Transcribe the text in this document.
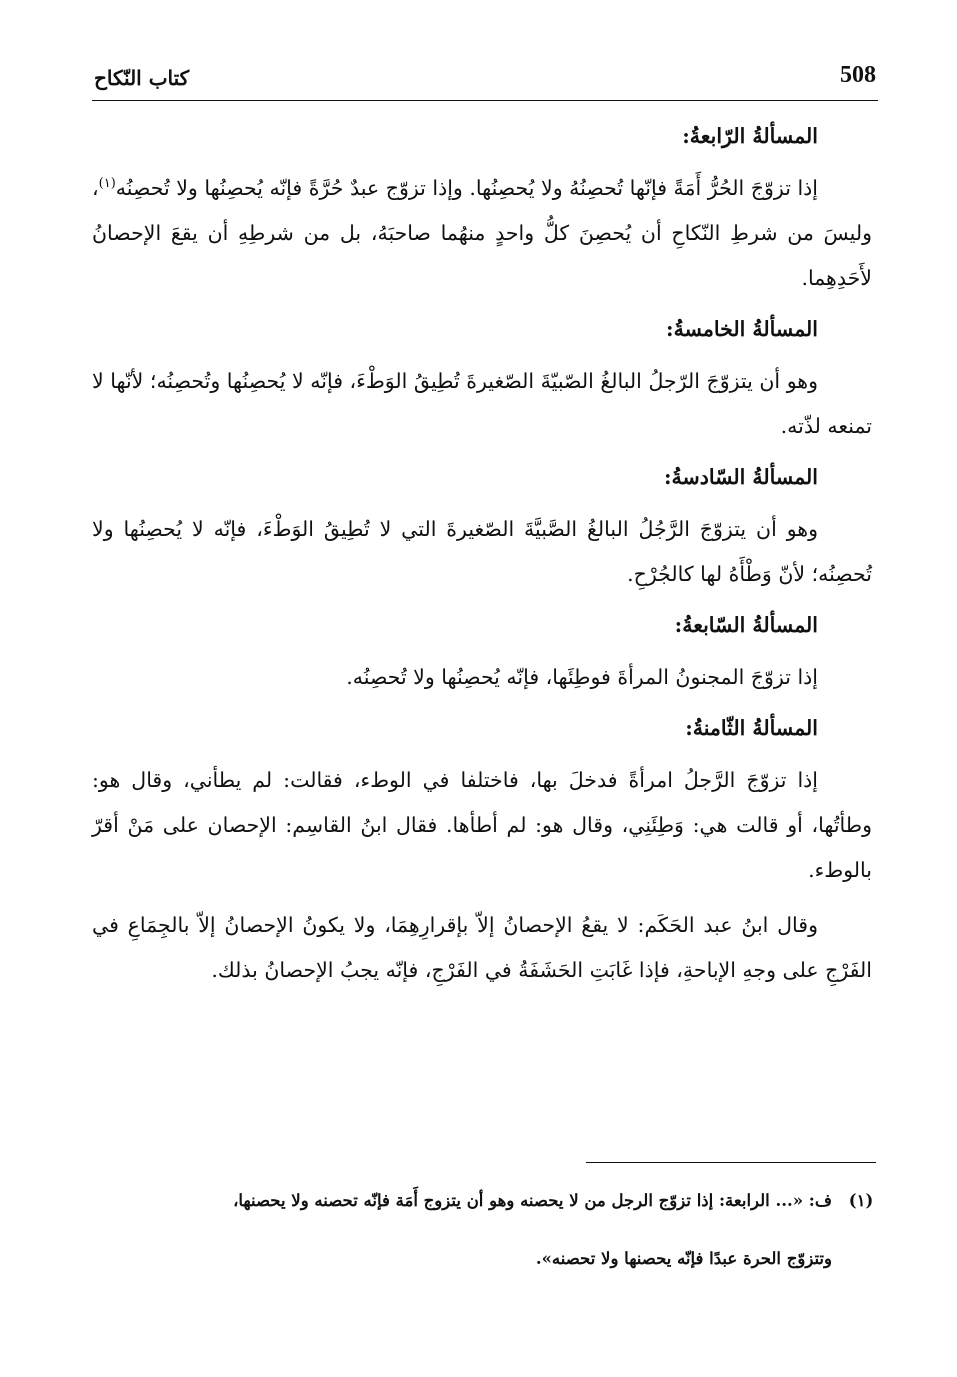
508
كتاب النّكاح
المسألةُ الرّابعةُ:

إذا تزوّجَ الحُرُّ أَمَةً فإنّها تُحصِنُهُ ولا يُحصِنُها. وإذا تزوّج عبدٌ حُرَّةً فإنّه يُحصِنُها ولا تُحصِنُه$^{(١)}$، وليسَ من شرطِ النّكاحِ أن يُحصِنَ كلُّ واحدٍ منهُما صاحبَهُ، بل من شرطِهِ أن يقعَ الإحصانُ لأَحَدِهِما.

المسألةُ الخامسةُ:

وهو أن يتزوّجَ الرّجلُ البالغُ الصّبيّةَ الصّغيرةَ تُطِيقُ الوَطْءَ، فإنّه لا يُحصِنُها وتُحصِنُه؛ لأنّها لا تمنعه لذّته.

المسألةُ السّادسةُ:

وهو أن يتزوّجَ الرَّجُلُ البالغُ الصَّبيَّةَ الصّغيرةَ التي لا تُطِيقُ الوَطْءَ، فإنّه لا يُحصِنُها ولا تُحصِنُه؛ لأنّ وَطْأَهُ لها كالجُرْحِ.

المسألةُ السّابعةُ:

إذا تزوّجَ المجنونُ المرأةَ فوطِئَها، فإنّه يُحصِنُها ولا تُحصِنُه.

المسألةُ الثّامنةُ:

إذا تزوّجَ الرَّجلُ امرأةً فدخلَ بها، فاختلفا في الوطء، فقالت: لم يطأني، وقال هو: وطأتُها، أو قالت هي: وَطِئَنِي، وقال هو: لم أطأها. فقال ابنُ القاسِم: الإحصان على مَنْ أقرّ بالوطء.

وقال ابنُ عبد الحَكَم: لا يقعُ الإحصانُ إلاّ بإقرارِهِمَا، ولا يكونُ الإحصانُ إلاّ بالجِمَاعِ في الفَرْجِ على وجهِ الإباحةِ، فإذا غَابَتِ الحَشَفَةُ في الفَرْجِ، فإنّه يجبُ الإحصانُ بذلك.

(١)ف: «... الرابعة: إذا تزوّج الرجل من لا يحصنه وهو أن يتزوج أَمَة فإنّه تحصنه ولا يحصنها،
وتتزوّج الحرة عبدًا فإنّه يحصنها ولا تحصنه».
